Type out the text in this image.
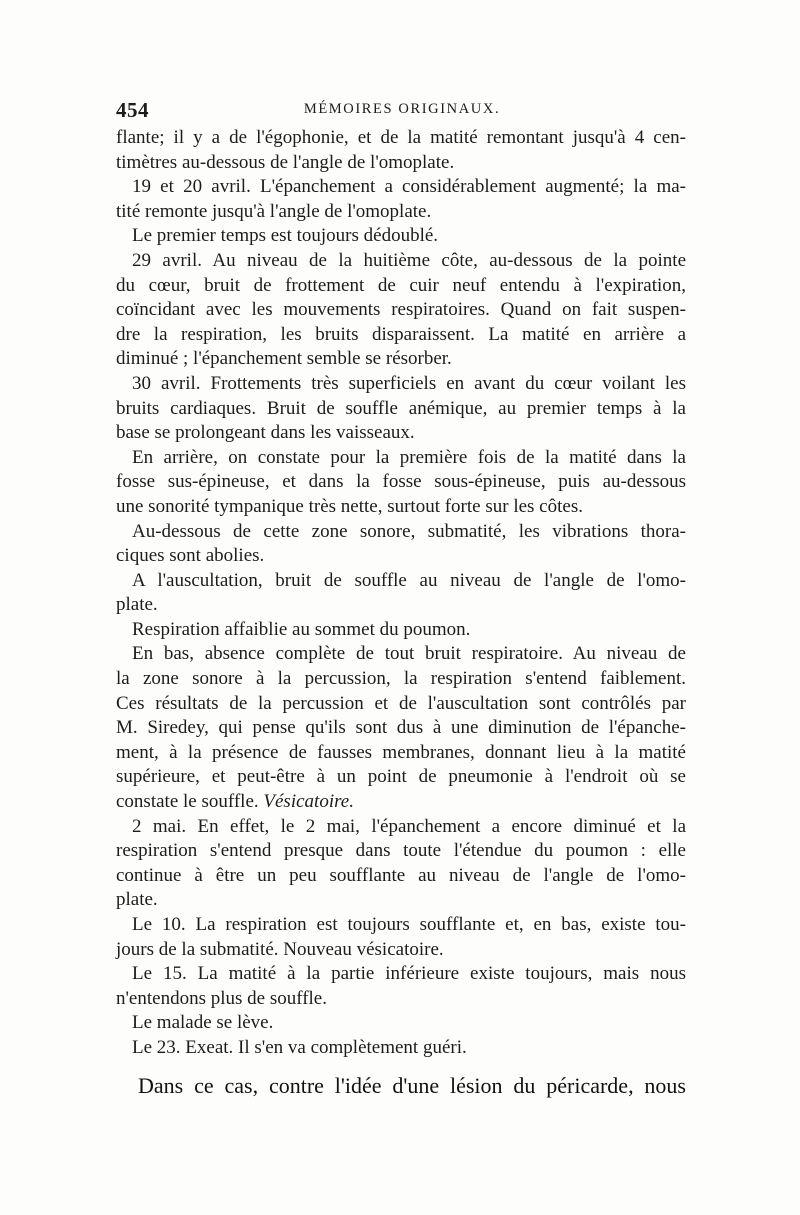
454	MÉMOIRES ORIGINAUX.
flante; il y a de l'égophonie, et de la matité remontant jusqu'à 4 cen-
timètres au-dessous de l'angle de l'omoplate.
19 et 20 avril. L'épanchement a considérablement augmenté; la ma-
tité remonte jusqu'à l'angle de l'omoplate.
Le premier temps est toujours dédoublé.
29 avril. Au niveau de la huitième côte, au-dessous de la pointe
du cœur, bruit de frottement de cuir neuf entendu à l'expiration,
coïncidant avec les mouvements respiratoires. Quand on fait suspen-
dre la respiration, les bruits disparaissent. La matité en arrière a
diminué ; l'épanchement semble se résorber.
30 avril. Frottements très superficiels en avant du cœur voilant les
bruits cardiaques. Bruit de souffle anémique, au premier temps à la
base se prolongeant dans les vaisseaux.
En arrière, on constate pour la première fois de la matité dans la
fosse sus-épineuse, et dans la fosse sous-épineuse, puis au-dessous
une sonorité tympanique très nette, surtout forte sur les côtes.
Au-dessous de cette zone sonore, submatité, les vibrations thora-
ciques sont abolies.
A l'auscultation, bruit de souffle au niveau de l'angle de l'omo-
plate.
Respiration affaiblie au sommet du poumon.
En bas, absence complète de tout bruit respiratoire. Au niveau de
la zone sonore à la percussion, la respiration s'entend faiblement.
Ces résultats de la percussion et de l'auscultation sont contrôlés par
M. Siredey, qui pense qu'ils sont dus à une diminution de l'épanche-
ment, à la présence de fausses membranes, donnant lieu à la matité
supérieure, et peut-être à un point de pneumonie à l'endroit où se
constate le souffle. Vésicatoire.
2 mai. En effet, le 2 mai, l'épanchement a encore diminué et la
respiration s'entend presque dans toute l'étendue du poumon : elle
continue à être un peu soufflante au niveau de l'angle de l'omo-
plate.
Le 10. La respiration est toujours soufflante et, en bas, existe tou-
jours de la submatité. Nouveau vésicatoire.
Le 15. La matité à la partie inférieure existe toujours, mais nous
n'entendons plus de souffle.
Le malade se lève.
Le 23. Exeat. Il s'en va complètement guéri.
Dans ce cas, contre l'idée d'une lésion du péricarde, nous
